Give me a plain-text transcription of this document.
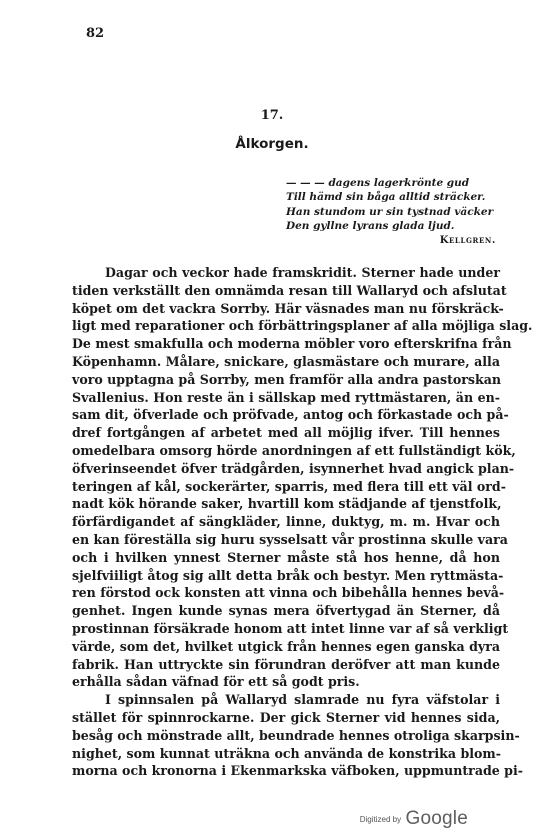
82
17.
Ålkorgen.
— — — dagens lagerkrönte gud
Till hämd sin båga alltid sträcker.
Han stundom ur sin tystnad väcker
Den gyllne lyrans glada ljud.
Kellgren.
Dagar och veckor hade framskridit. Sterner hade under
tiden verkställt den omnämda resan till Wallaryd och afslutat
köpet om det vackra Sorrby. Här väsnades man nu förskräck-
ligt med reparationer och förbättringsplaner af alla möjliga slag.
De mest smakfulla och moderna möbler voro efterskrifna från
Köpenhamn. Målare, snickare, glasmästare och murare, alla
voro upptagna på Sorrby, men framför alla andra pastorskan
Svallenius. Hon reste än i sällskap med ryttmästaren, än en-
sam dit, öfverlade och pröfvade, antog och förkastade och på-
dref fortgången af arbetet med all möjlig ifver. Till hennes
omedelbara omsorg hörde anordningen af ett fullständigt kök,
öfverinseendet öfver trädgården, isynnerhet hvad angick plan-
teringen af kål, sockerärter, sparris, med flera till ett väl ord-
nadt kök hörande saker, hvartill kom städjande af tjenstfolk,
förfärdigandet af sängkläder, linne, duktyg, m. m. Hvar och
en kan föreställa sig huru sysselsatt vår prostinna skulle vara
och i hvilken ynnest Sterner måste stå hos henne, då hon
sjelfviiligt åtog sig allt detta bråk och bestyr. Men ryttmästa-
ren förstod ock konsten att vinna och bibehålla hennes bevå-
genhet. Ingen kunde synas mera öfvertygad än Sterner, då
prostinnan försäkrade honom att intet linne var af så verkligt
värde, som det, hvilket utgick från hennes egen ganska dyra
fabrik. Han uttryckte sin förundran deröfver att man kunde
erhålla sådan väfnad för ett så godt pris.
I spinnsalen på Wallaryd slamrade nu fyra väfstolar i
stället för spinnrockarne. Der gick Sterner vid hennes sida,
besåg och mönstrade allt, beundrade hennes otroliga skarpsin-
nighet, som kunnat uträkna och använda de konstrika blom-
morna och kronorna i Ekenmarkska väfboken, uppmuntrade pi-
Digitized by Google
